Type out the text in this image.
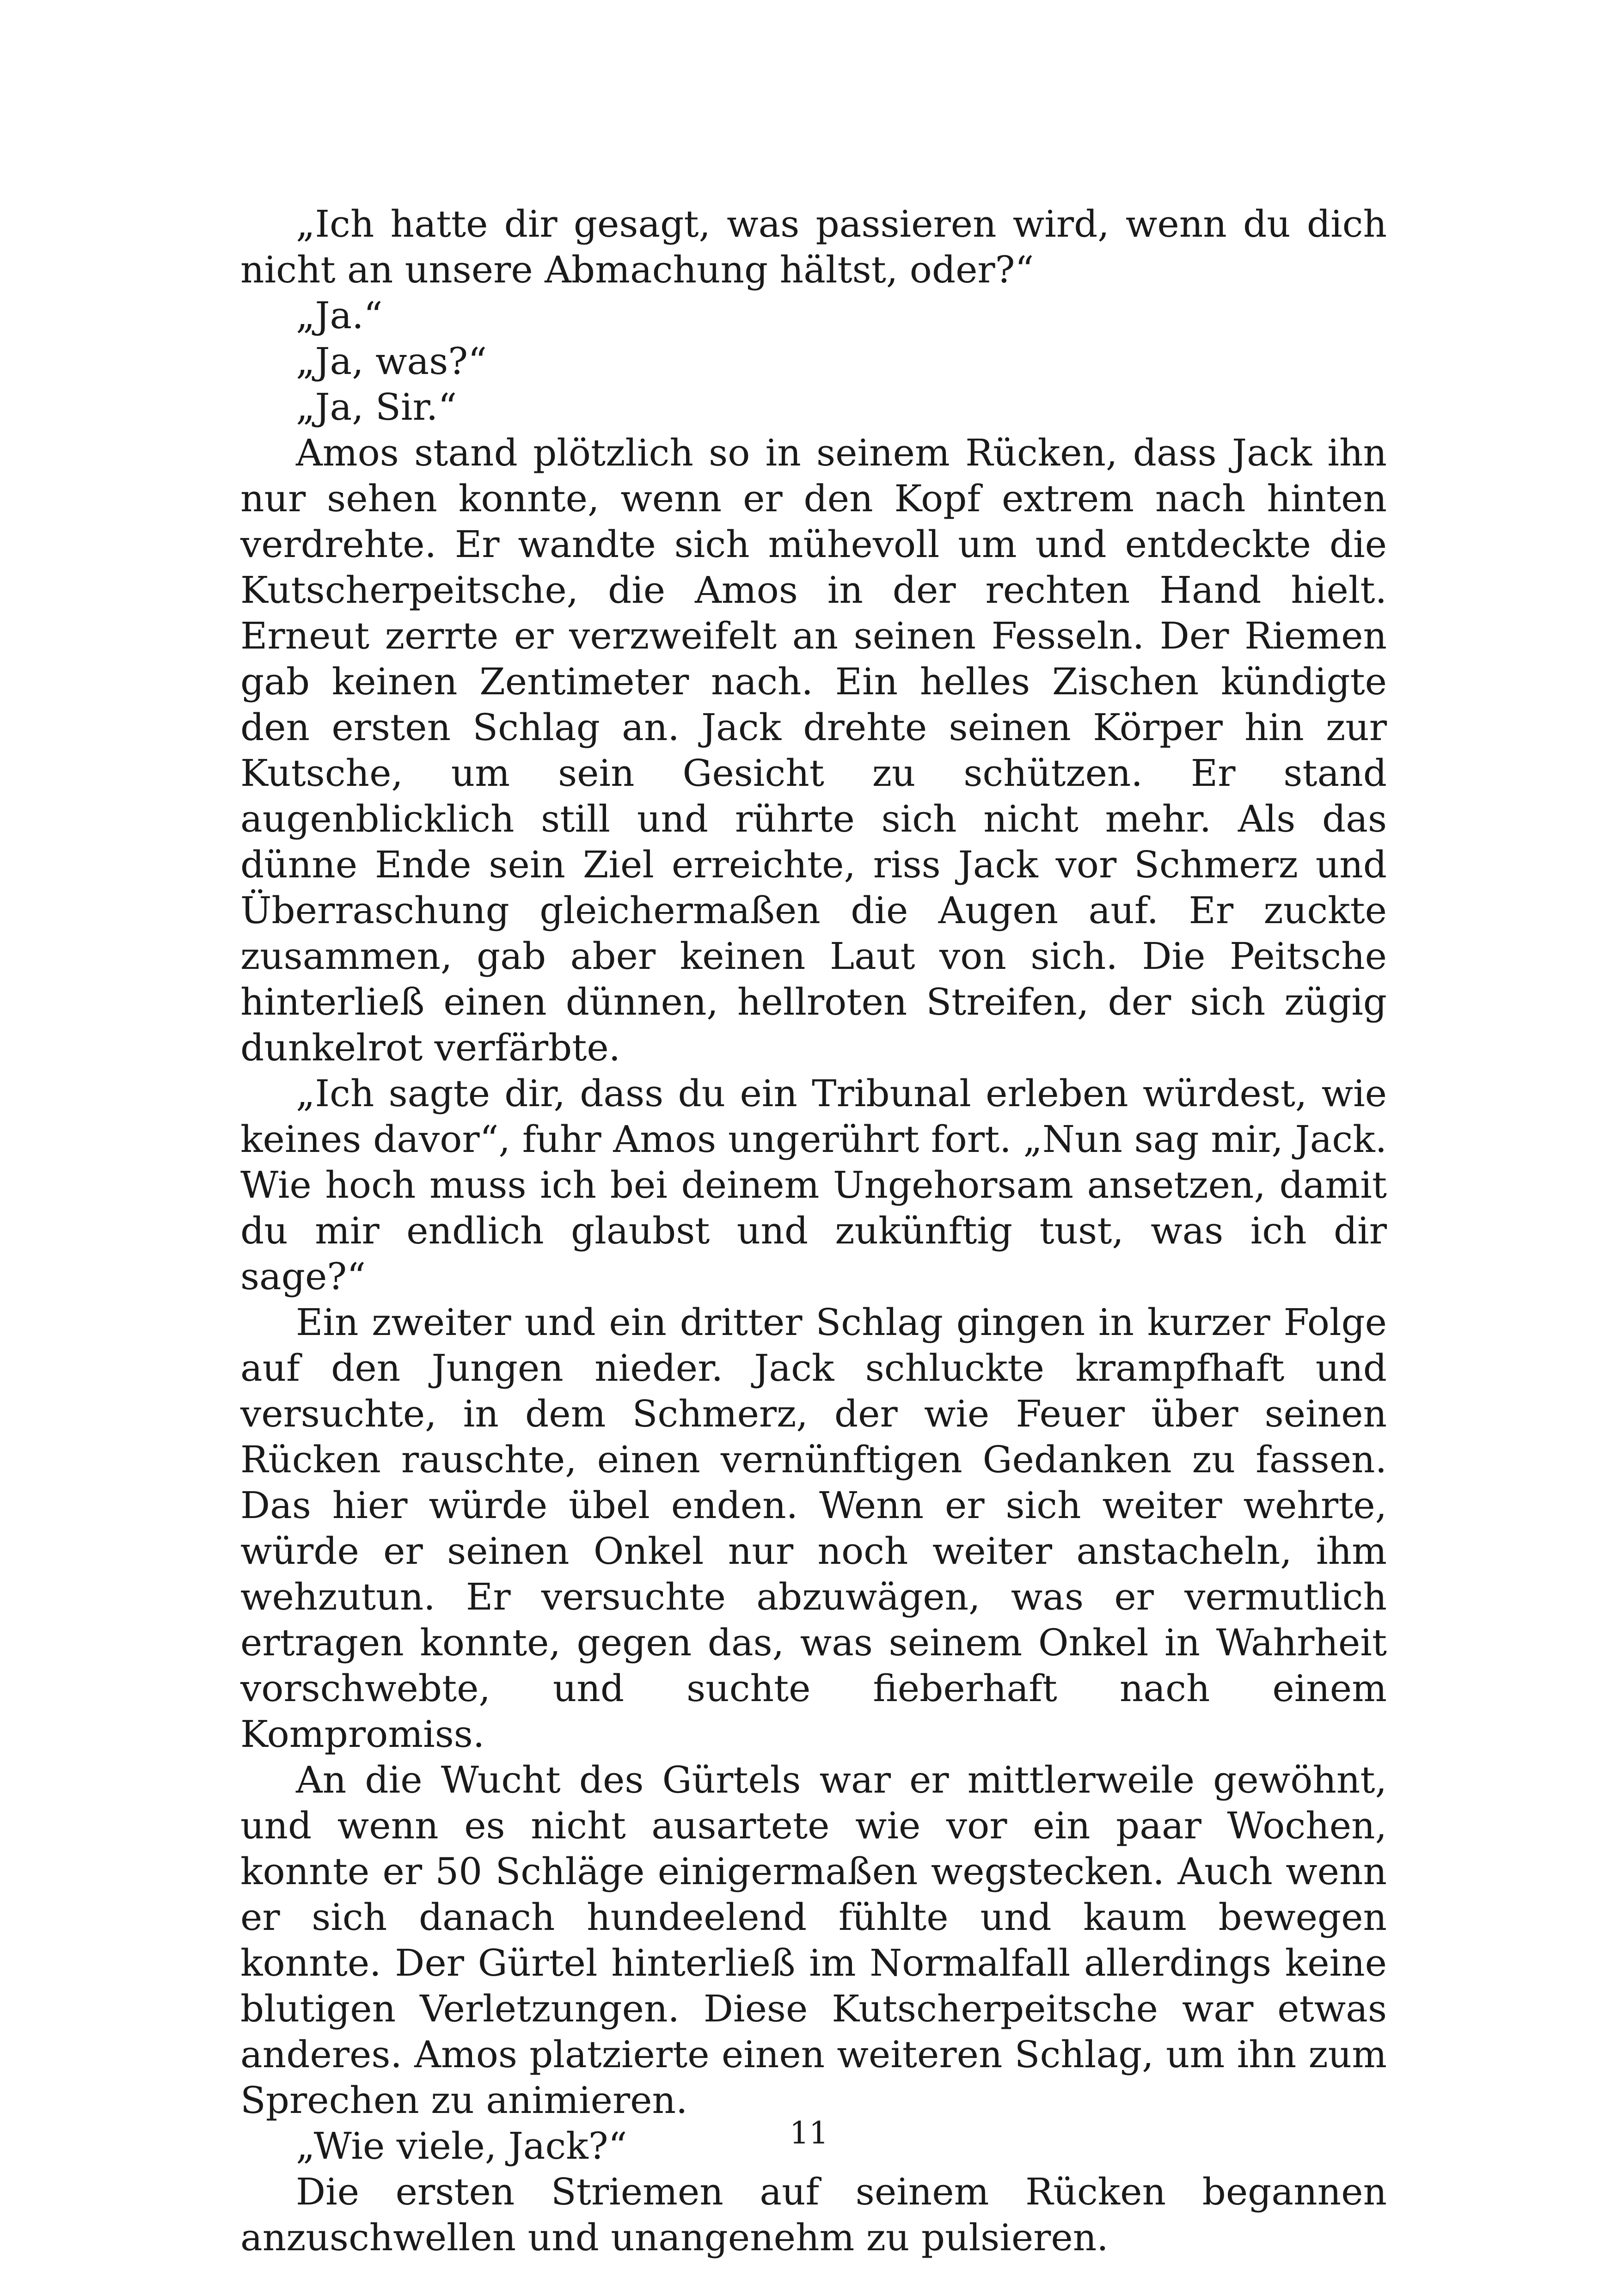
„Ich hatte dir gesagt, was passieren wird, wenn du dich nicht an unsere Abmachung hältst, oder?“

„Ja.“

„Ja, was?“

„Ja, Sir.“

Amos stand plötzlich so in seinem Rücken, dass Jack ihn nur sehen konnte, wenn er den Kopf extrem nach hinten verdrehte. Er wandte sich mühevoll um und entdeckte die Kutscherpeitsche, die Amos in der rechten Hand hielt. Erneut zerrte er verzweifelt an seinen Fesseln. Der Riemen gab keinen Zentimeter nach. Ein helles Zischen kündigte den ersten Schlag an. Jack drehte seinen Körper hin zur Kutsche, um sein Gesicht zu schützen. Er stand augenblicklich still und rührte sich nicht mehr. Als das dünne Ende sein Ziel erreichte, riss Jack vor Schmerz und Überraschung gleichermaßen die Augen auf. Er zuckte zusammen, gab aber keinen Laut von sich. Die Peitsche hinterließ einen dünnen, hellroten Streifen, der sich zügig dunkelrot verfärbte.

„Ich sagte dir, dass du ein Tribunal erleben würdest, wie keines davor“, fuhr Amos ungerührt fort. „Nun sag mir, Jack. Wie hoch muss ich bei deinem Ungehorsam ansetzen, damit du mir endlich glaubst und zukünftig tust, was ich dir sage?“

Ein zweiter und ein dritter Schlag gingen in kurzer Folge auf den Jungen nieder. Jack schluckte krampfhaft und versuchte, in dem Schmerz, der wie Feuer über seinen Rücken rauschte, einen vernünftigen Gedanken zu fassen. Das hier würde übel enden. Wenn er sich weiter wehrte, würde er seinen Onkel nur noch weiter anstacheln, ihm wehzutun. Er versuchte abzuwägen, was er vermutlich ertragen konnte, gegen das, was seinem Onkel in Wahrheit vorschwebte, und suchte fieberhaft nach einem Kompromiss.

An die Wucht des Gürtels war er mittlerweile gewöhnt, und wenn es nicht ausartete wie vor ein paar Wochen, konnte er 50 Schläge einigermaßen wegstecken. Auch wenn er sich danach hundeelend fühlte und kaum bewegen konnte. Der Gürtel hinterließ im Normalfall allerdings keine blutigen Verletzungen. Diese Kutscherpeitsche war etwas anderes. Amos platzierte einen weiteren Schlag, um ihn zum Sprechen zu animieren.

„Wie viele, Jack?“

Die ersten Striemen auf seinem Rücken begannen anzuschwellen und unangenehm zu pulsieren.

11
